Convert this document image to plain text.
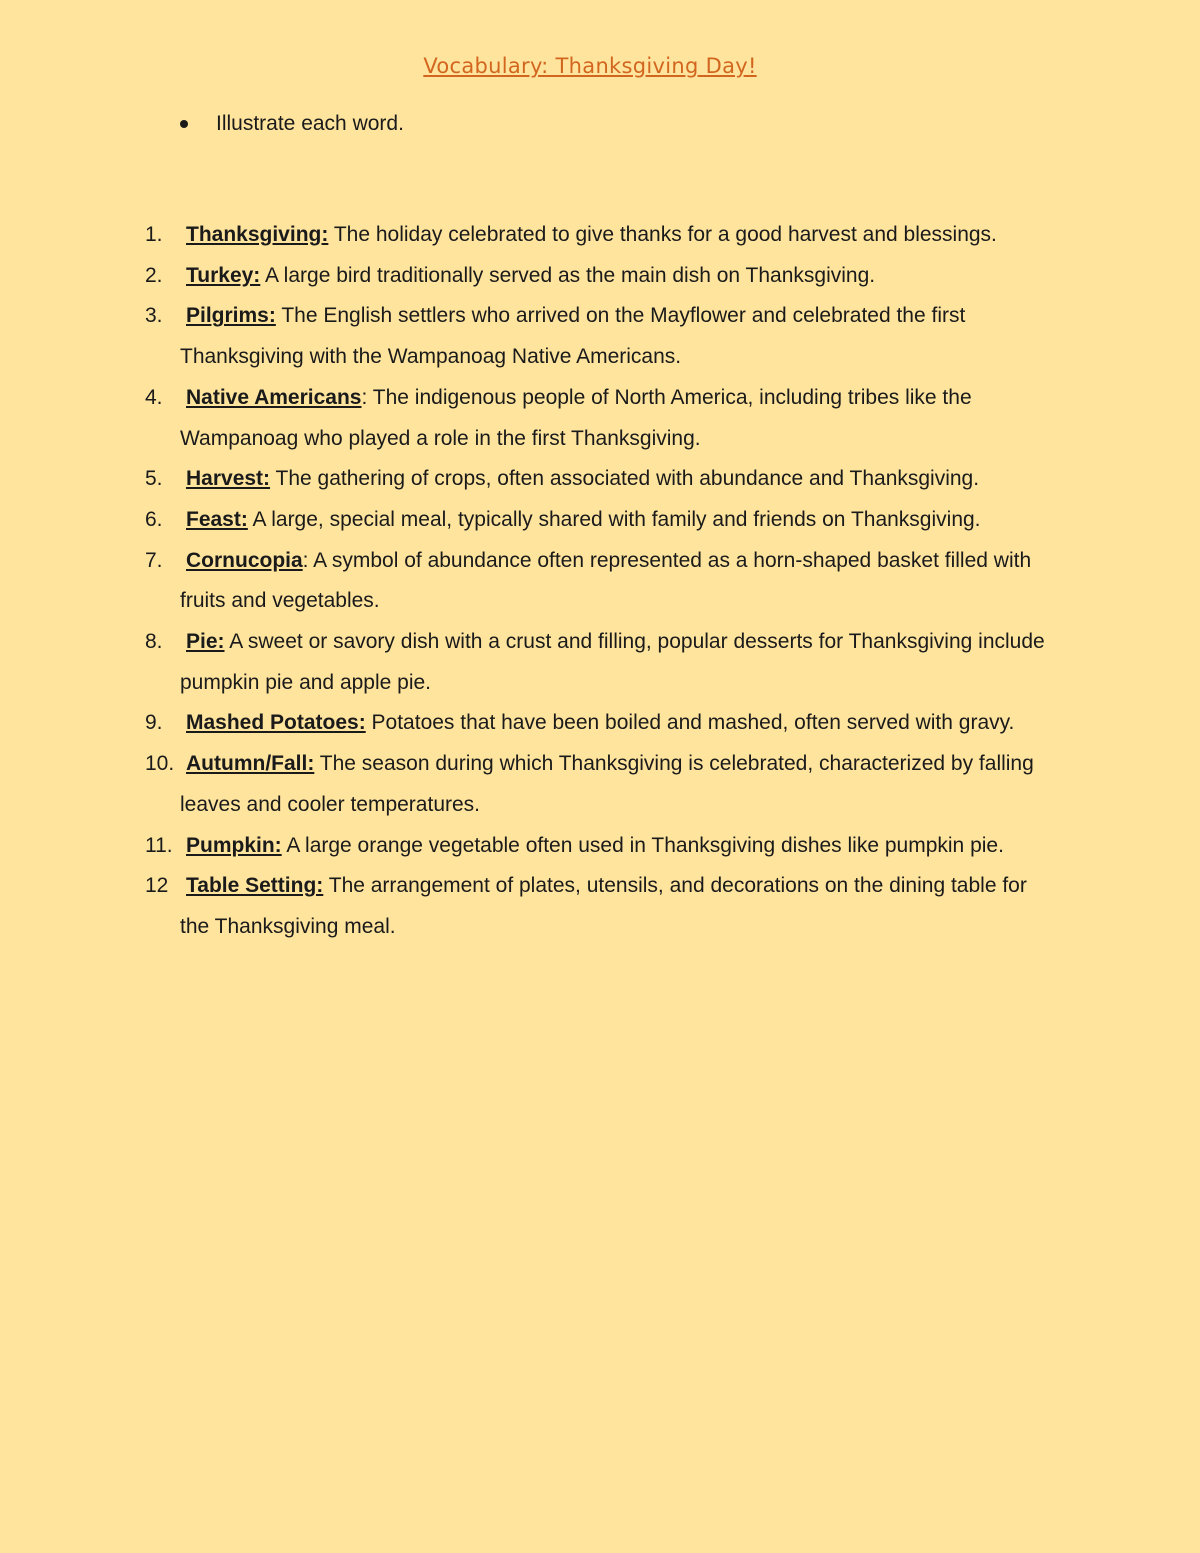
Vocabulary: Thanksgiving Day!
Illustrate each word.
1. Thanksgiving: The holiday celebrated to give thanks for a good harvest and blessings.
2. Turkey: A large bird traditionally served as the main dish on Thanksgiving.
3. Pilgrims: The English settlers who arrived on the Mayflower and celebrated the first Thanksgiving with the Wampanoag Native Americans.
4. Native Americans: The indigenous people of North America, including tribes like the Wampanoag who played a role in the first Thanksgiving.
5. Harvest: The gathering of crops, often associated with abundance and Thanksgiving.
6. Feast: A large, special meal, typically shared with family and friends on Thanksgiving.
7. Cornucopia: A symbol of abundance often represented as a horn-shaped basket filled with fruits and vegetables.
8. Pie: A sweet or savory dish with a crust and filling, popular desserts for Thanksgiving include pumpkin pie and apple pie.
9. Mashed Potatoes: Potatoes that have been boiled and mashed, often served with gravy.
10. Autumn/Fall: The season during which Thanksgiving is celebrated, characterized by falling leaves and cooler temperatures.
11. Pumpkin: A large orange vegetable often used in Thanksgiving dishes like pumpkin pie.
12 Table Setting: The arrangement of plates, utensils, and decorations on the dining table for the Thanksgiving meal.
